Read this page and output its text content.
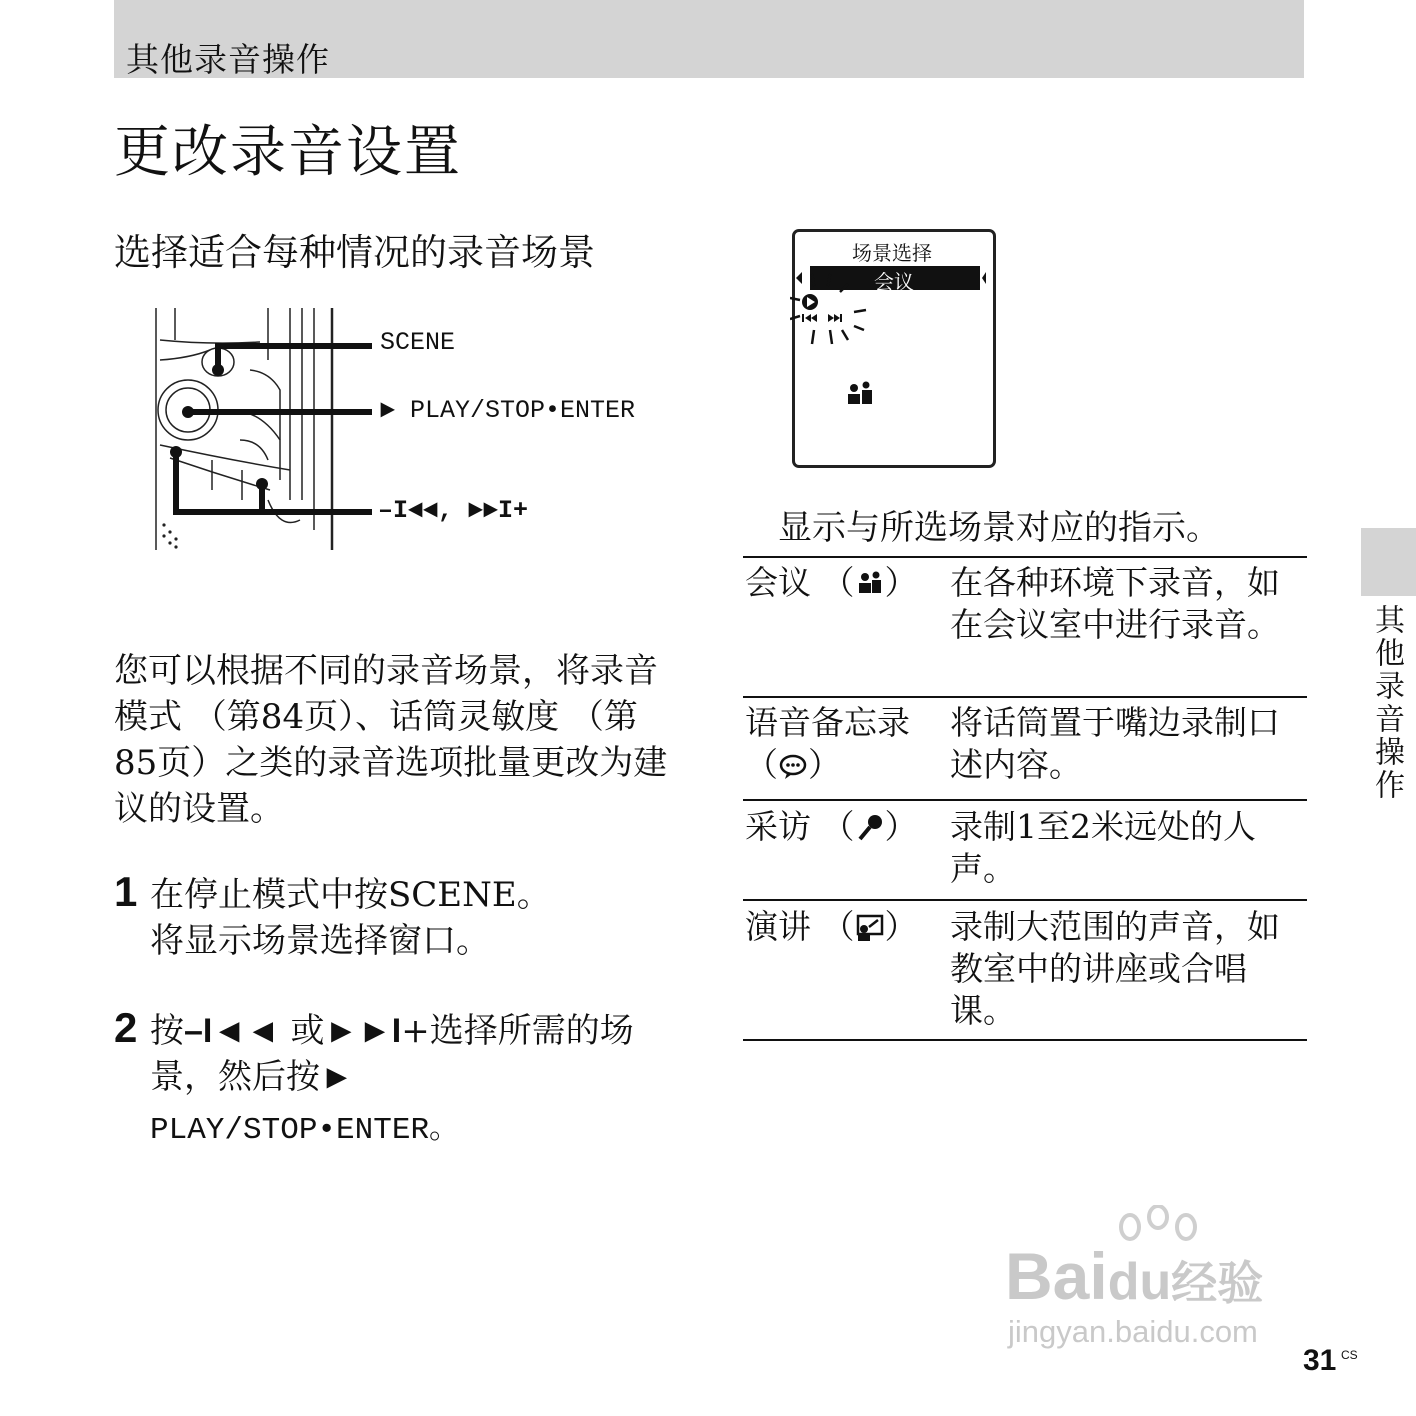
其他录音操作
更改录音设置
选择适合每种情况的录音场景
SCENE
► PLAY/STOP•ENTER
–I◄◄, ►►I+
场景选择
会议
显示与所选场景对应的指示。
您可以根据不同的录音场景，将录音模式 （第84页）、话筒灵敏度 （第85页）之类的录音选项批量更改为建议的设置。
1 在停止模式中按SCENE。
将显示场景选择窗口。
2 按–I◄◄ 或►►I+选择所需的场景，然后按► PLAY/STOP•ENTER。
会议 （ ） 在各种环境下录音，如在会议室中进行录音。
语音备忘录
（ ）
将话筒置于嘴边录制口述内容。
采访 （ ） 录制1至2米远处的人声。
演讲 （ ） 录制大范围的声音，如教室中的讲座或合唱课。
其他录音操作
Baidu经验
jingyan.baidu.com
31 CS
